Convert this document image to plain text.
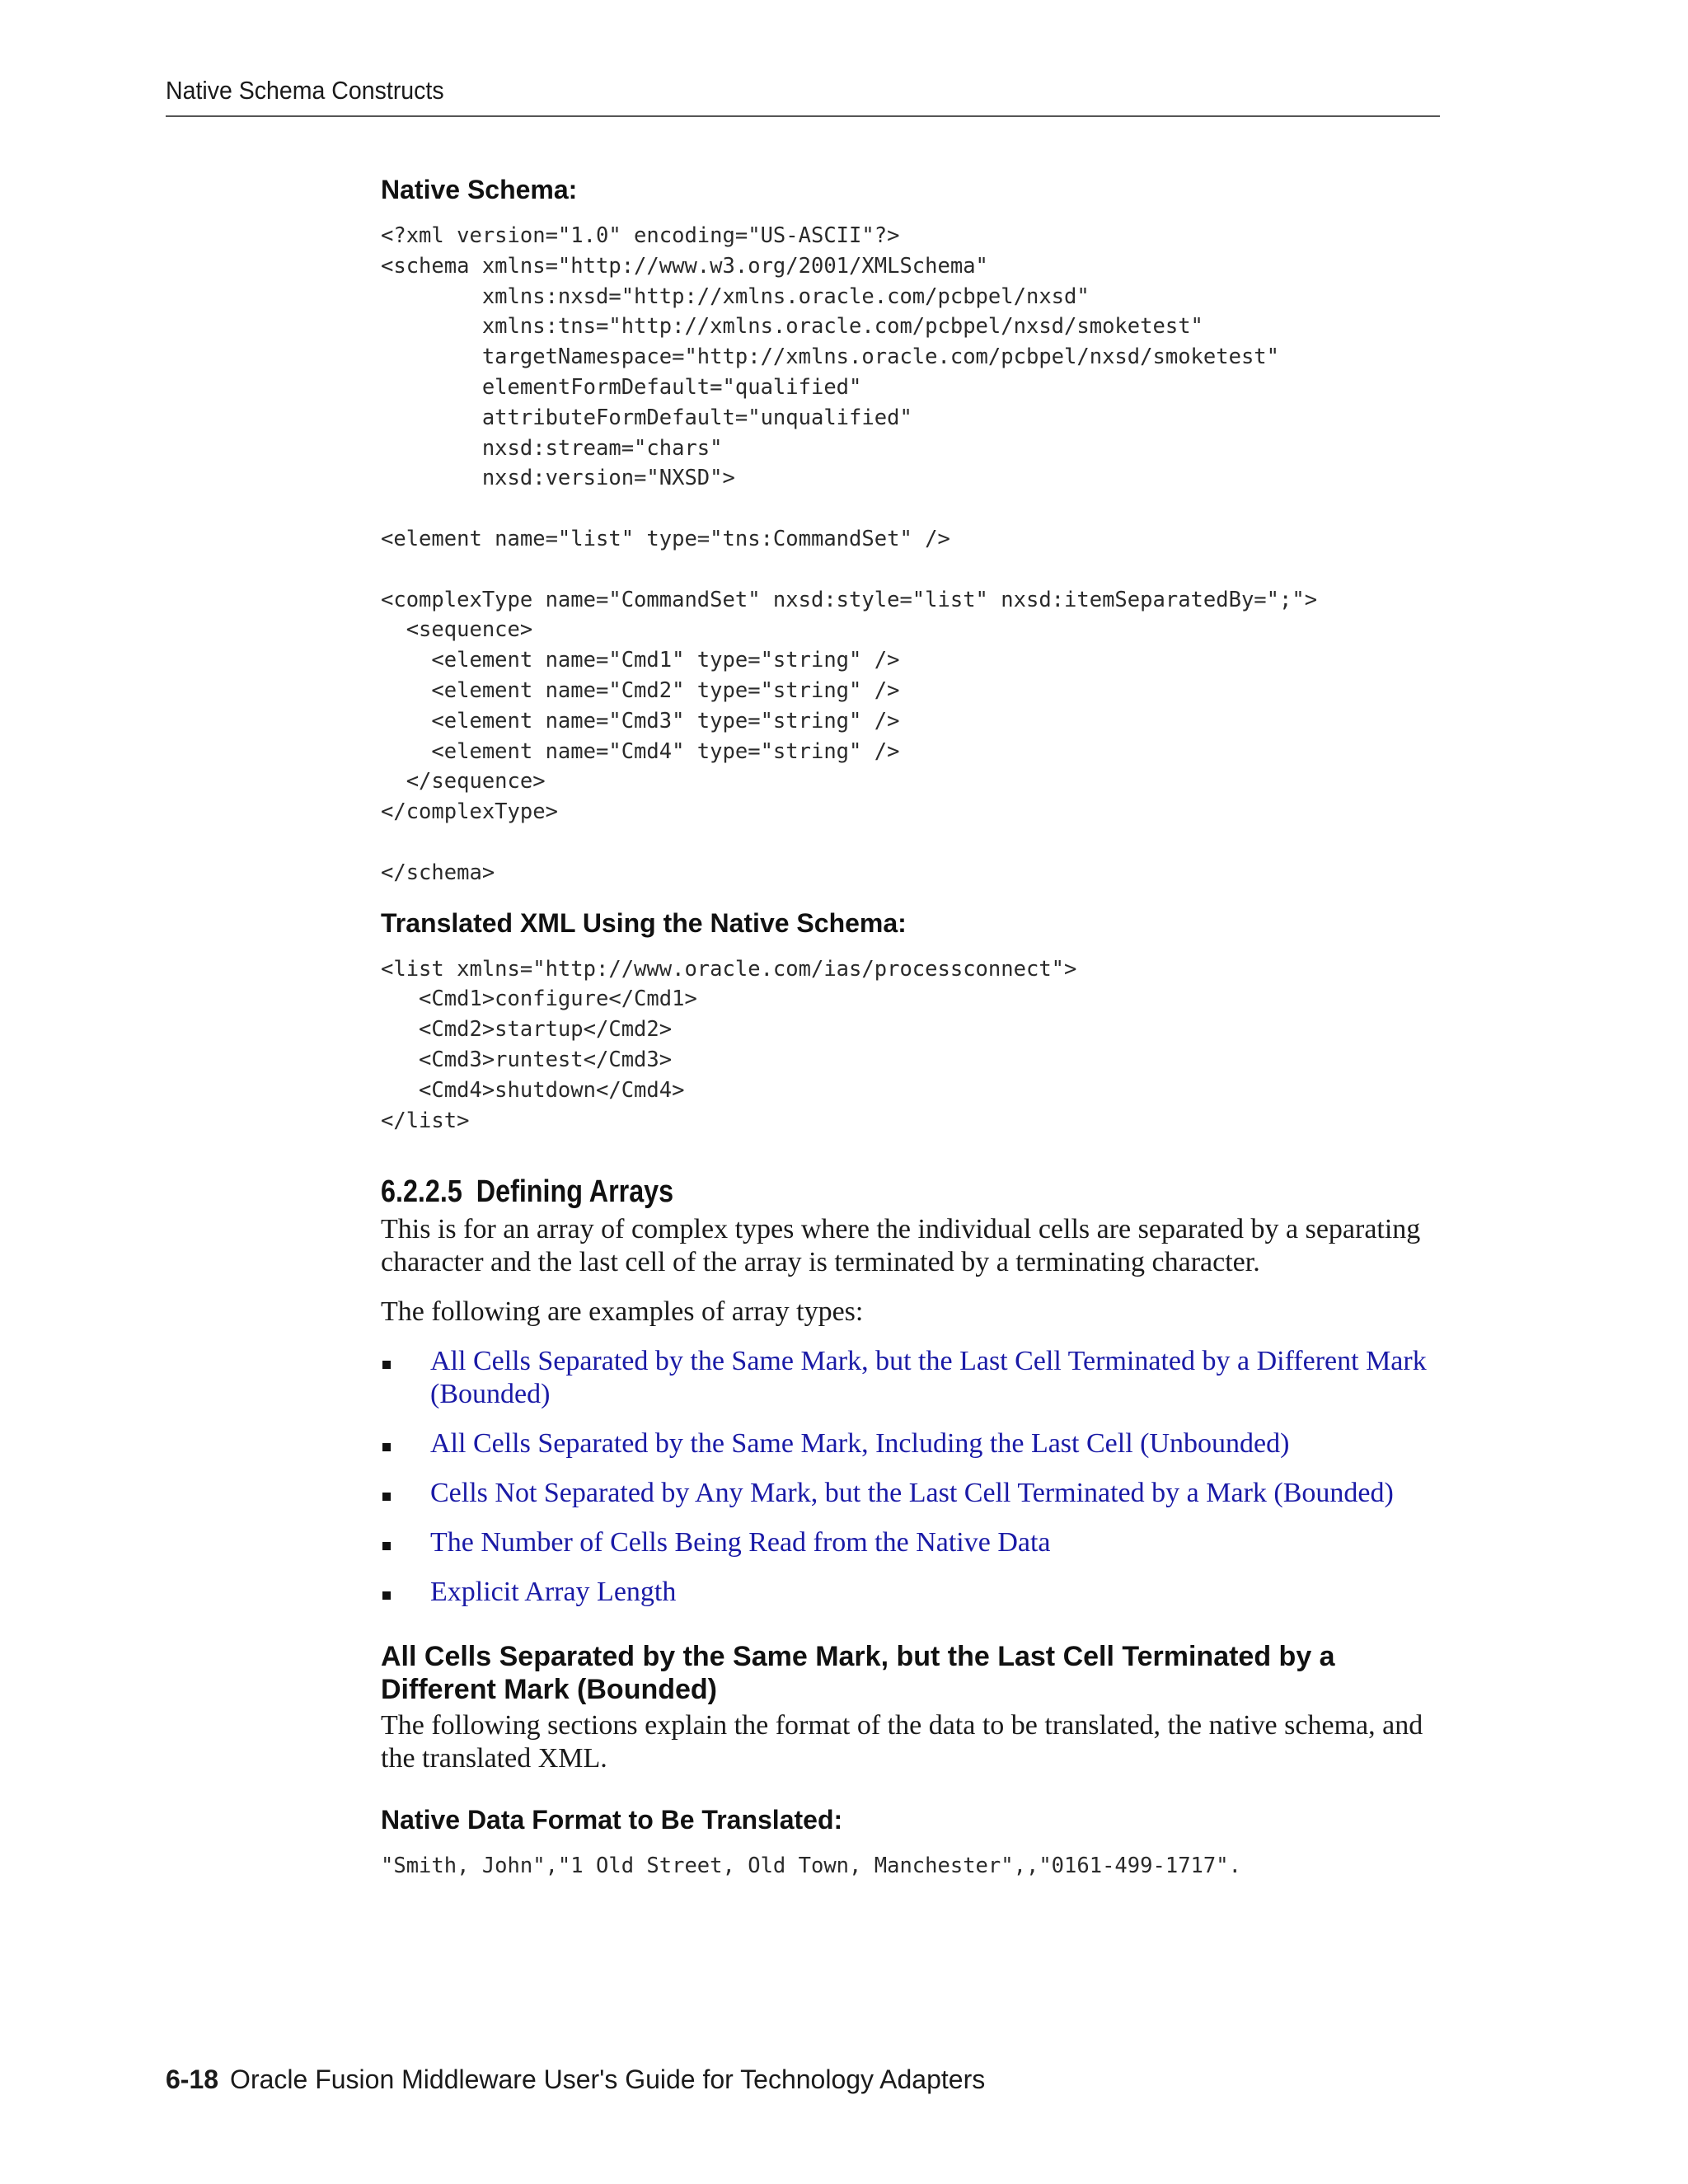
Native Schema Constructs
Native Schema:
<?xml version="1.0" encoding="US-ASCII"?>
<schema xmlns="http://www.w3.org/2001/XMLSchema"
xmlns:nxsd="http://xmlns.oracle.com/pcbpel/nxsd"
xmlns:tns="http://xmlns.oracle.com/pcbpel/nxsd/smoketest"
targetNamespace="http://xmlns.oracle.com/pcbpel/nxsd/smoketest"
elementFormDefault="qualified"
attributeFormDefault="unqualified"
nxsd:stream="chars"
nxsd:version="NXSD">

<element name="list" type="tns:CommandSet" />

<complexType name="CommandSet" nxsd:style="list" nxsd:itemSeparatedBy=";">
<sequence>
<element name="Cmd1" type="string" />
<element name="Cmd2" type="string" />
<element name="Cmd3" type="string" />
<element name="Cmd4" type="string" />
</sequence>
</complexType>

</schema>
Translated XML Using the Native Schema:
<list xmlns="http://www.oracle.com/ias/processconnect">
<Cmd1>configure</Cmd1>
<Cmd2>startup</Cmd2>
<Cmd3>runtest</Cmd3>
<Cmd4>shutdown</Cmd4>
</list>
6.2.2.5 Defining Arrays

This is for an array of complex types where the individual cells are separated by a separating character and the last cell of the array is terminated by a terminating character.

The following are examples of array types:

All Cells Separated by the Same Mark, but the Last Cell Terminated by a Different Mark (Bounded)
All Cells Separated by the Same Mark, Including the Last Cell (Unbounded)
Cells Not Separated by Any Mark, but the Last Cell Terminated by a Mark (Bounded)
The Number of Cells Being Read from the Native Data
Explicit Array Length
All Cells Separated by the Same Mark, but the Last Cell Terminated by a Different Mark (Bounded)

The following sections explain the format of the data to be translated, the native schema, and the translated XML.

Native Data Format to Be Translated:
"Smith, John","1 Old Street, Old Town, Manchester",,"0161-499-1717".
6-18 Oracle Fusion Middleware User's Guide for Technology Adapters
